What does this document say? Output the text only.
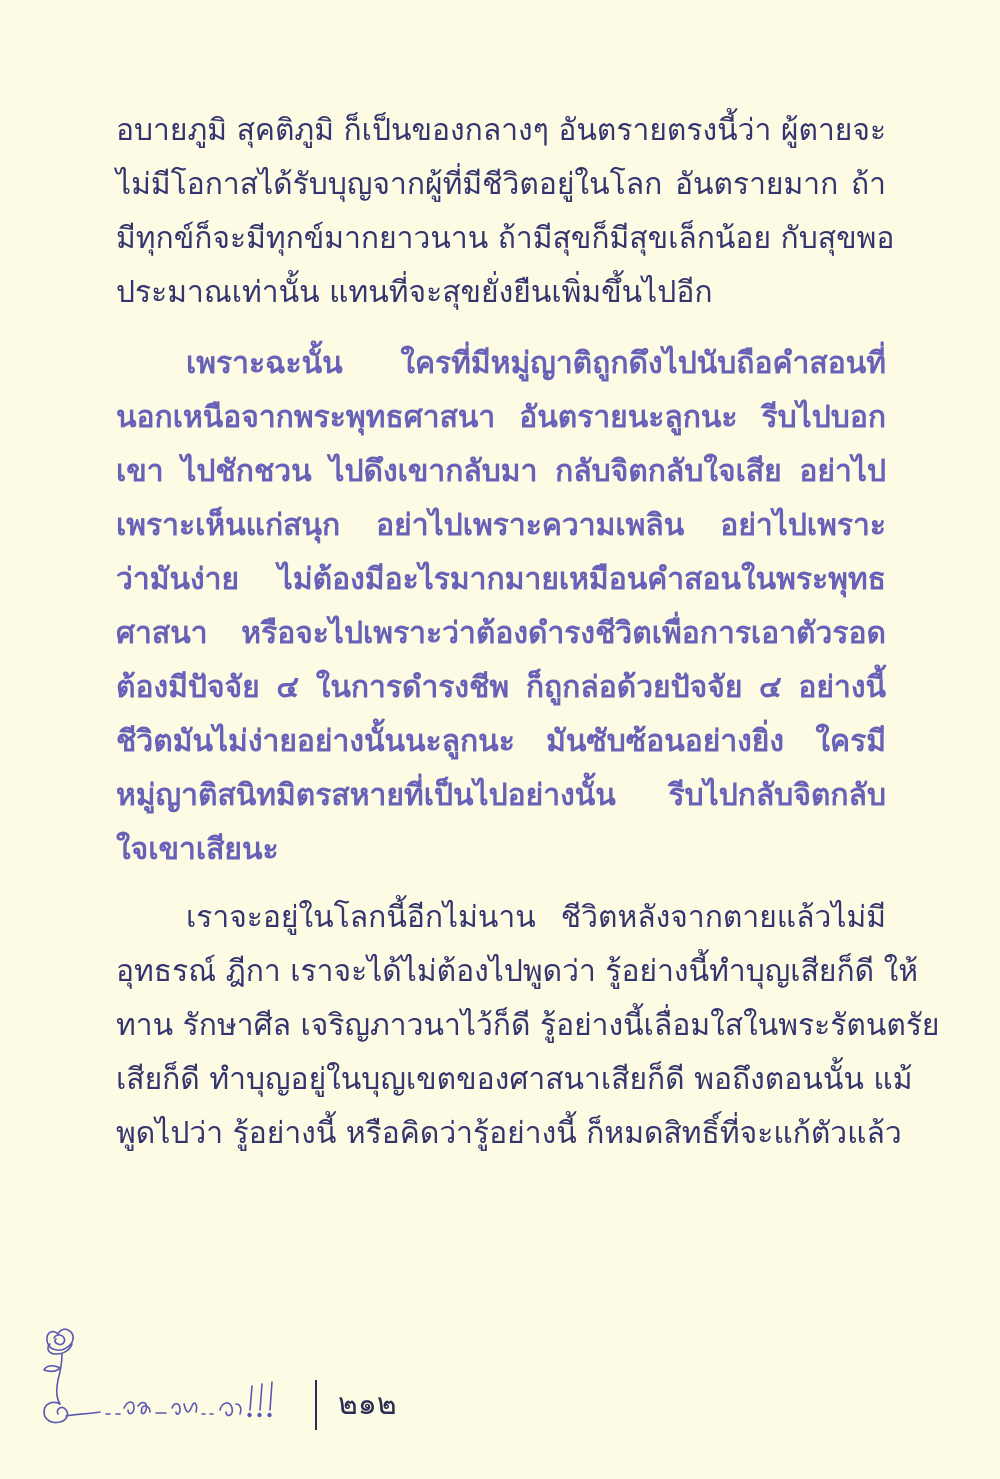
อบายภูมิ สุคติภูมิ ก็เป็นของกลางๆ อันตรายตรงนี้ว่า ผู้ตายจะ
ไม่มีโอกาสได้รับบุญจากผู้ที่มีชีวิตอยู่ในโลก อันตรายมาก ถ้า
มีทุกข์ก็จะมีทุกข์มากยาวนาน ถ้ามีสุขก็มีสุขเล็กน้อย กับสุขพอ
ประมาณเท่านั้น แทนที่จะสุขยั่งยืนเพิ่มขึ้นไปอีก

เพราะฉะนั้น ใครที่มีหมู่ญาติถูกดึงไปนับถือคำสอนที่
นอกเหนือจากพระพุทธศาสนา อันตรายนะลูกนะ รีบไปบอก
เขา ไปชักชวน ไปดึงเขากลับมา กลับจิตกลับใจเสีย อย่าไป
เพราะเห็นแก่สนุก อย่าไปเพราะความเพลิน อย่าไปเพราะ
ว่ามันง่าย ไม่ต้องมีอะไรมากมายเหมือนคำสอนในพระพุทธ
ศาสนา หรือจะไปเพราะว่าต้องดำรงชีวิตเพื่อการเอาตัวรอด
ต้องมีปัจจัย ๔ ในการดำรงชีพ ก็ถูกล่อด้วยปัจจัย ๔ อย่างนี้
ชีวิตมันไม่ง่ายอย่างนั้นนะลูกนะ มันซับซ้อนอย่างยิ่ง ใครมี
หมู่ญาติสนิทมิตรสหายที่เป็นไปอย่างนั้น รีบไปกลับจิตกลับ
ใจเขาเสียนะ

เราจะอยู่ในโลกนี้อีกไม่นาน ชีวิตหลังจากตายแล้วไม่มี
อุทธรณ์ ฎีกา เราจะได้ไม่ต้องไปพูดว่า รู้อย่างนี้ทำบุญเสียก็ดี ให้
ทาน รักษาศีล เจริญภาวนาไว้ก็ดี รู้อย่างนี้เลื่อมใสในพระรัตนตรัย
เสียก็ดี ทำบุญอยู่ในบุญเขตของศาสนาเสียก็ดี พอถึงตอนนั้น แม้
พูดไปว่า รู้อย่างนี้ หรือคิดว่ารู้อย่างนี้ ก็หมดสิทธิ์ที่จะแก้ตัวแล้ว

๒๑๒
